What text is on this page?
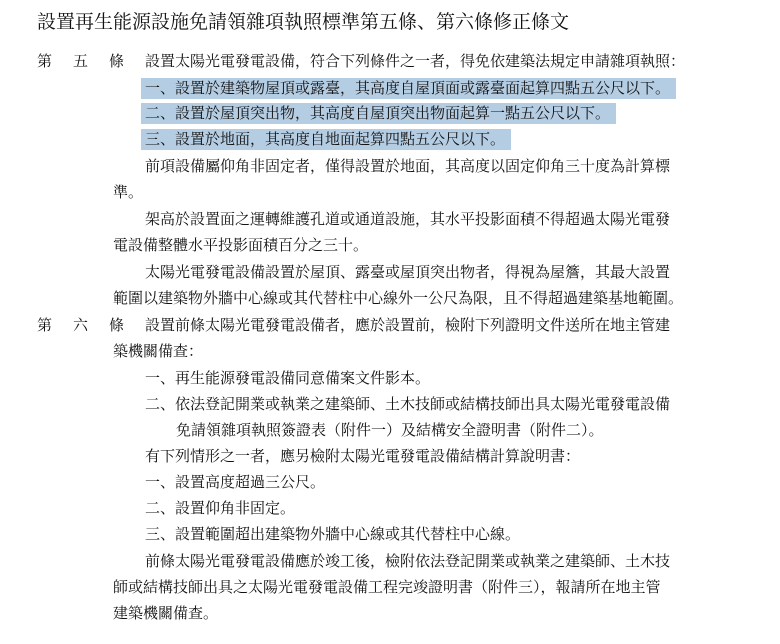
設置再生能源設施免請領雜項執照標準第五條、第六條修正條文
第 五 條	設置太陽光電發電設備，符合下列條件之一者，得免依建築法規定申請雜項執照：
一、設置於建築物屋頂或露臺，其高度自屋頂面或露臺面起算四點五公尺以下。
二、設置於屋頂突出物，其高度自屋頂突出物面起算一點五公尺以下。
三、設置於地面，其高度自地面起算四點五公尺以下。
前項設備屬仰角非固定者，僅得設置於地面，其高度以固定仰角三十度為計算標
準。
架高於設置面之運轉維護孔道或通道設施，其水平投影面積不得超過太陽光電發
電設備整體水平投影面積百分之三十。
太陽光電發電設備設置於屋頂、露臺或屋頂突出物者，得視為屋簷，其最大設置
範圍以建築物外牆中心線或其代替柱中心線外一公尺為限，且不得超過建築基地範圍。
第 六 條	設置前條太陽光電發電設備者，應於設置前，檢附下列證明文件送所在地主管建
築機關備查：
一、再生能源發電設備同意備案文件影本。
二、依法登記開業或執業之建築師、土木技師或結構技師出具太陽光電發電設備
免請領雜項執照簽證表（附件一）及結構安全證明書（附件二）。
有下列情形之一者，應另檢附太陽光電發電設備結構計算說明書：
一、設置高度超過三公尺。
二、設置仰角非固定。
三、設置範圍超出建築物外牆中心線或其代替柱中心線。
前條太陽光電發電設備應於竣工後，檢附依法登記開業或執業之建築師、土木技
師或結構技師出具之太陽光電發電設備工程完竣證明書（附件三），報請所在地主管
建築機關備查。
